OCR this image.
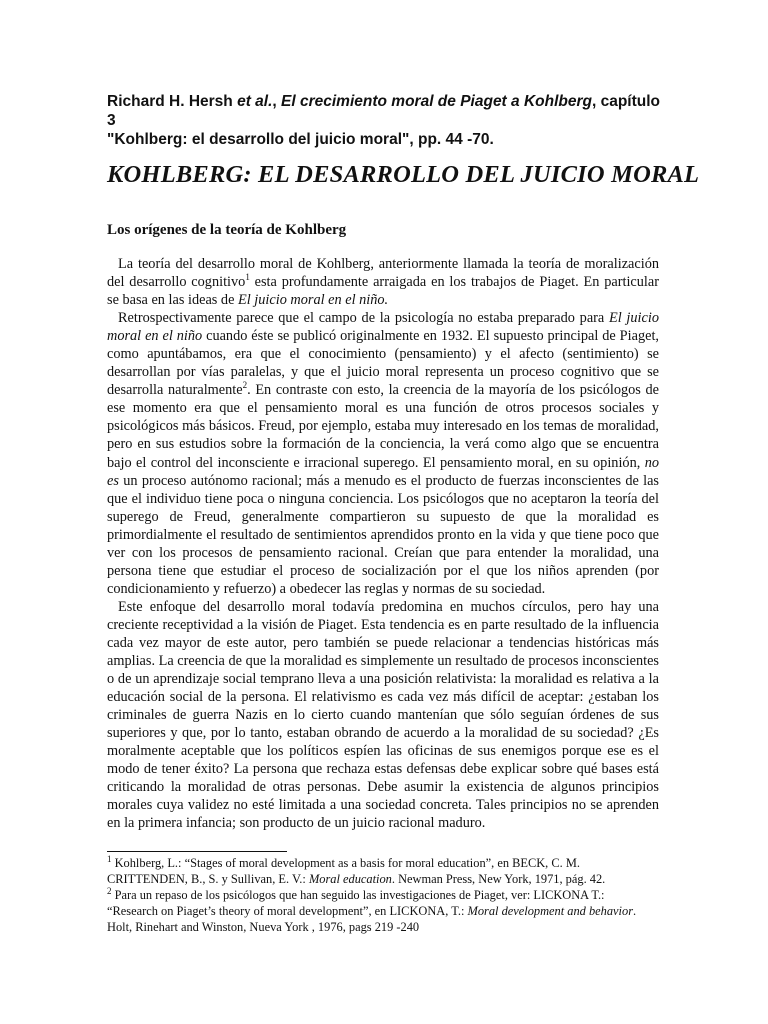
Richard H. Hersh et al., El crecimiento moral de Piaget a Kohlberg, capítulo 3
"Kohlberg: el desarrollo del juicio moral", pp. 44 -70.
KOHLBERG: EL DESARROLLO DEL JUICIO MORAL
Los orígenes de la teoría de Kohlberg

La teoría del desarrollo moral de Kohlberg, anteriormente llamada la teoría de moralización del desarrollo cognitivo$^1$ esta profundamente arraigada en los trabajos de Piaget. En particular se basa en las ideas de El juicio moral en el niño.

Retrospectivamente parece que el campo de la psicología no estaba preparado para El juicio moral en el niño cuando éste se publicó originalmente en 1932. El supuesto principal de Piaget, como apuntábamos, era que el conocimiento (pensamiento) y el afecto (sentimiento) se desarrollan por vías paralelas, y que el juicio moral representa un proceso cognitivo que se desarrolla naturalmente$^2$. En contraste con esto, la creencia de la mayoría de los psicólogos de ese momento era que el pensamiento moral es una función de otros procesos sociales y psicológicos más básicos. Freud, por ejemplo, estaba muy interesado en los temas de moralidad, pero en sus estudios sobre la formación de la conciencia, la verá como algo que se encuentra bajo el control del inconsciente e irracional superego. El pensamiento moral, en su opinión, no es un proceso autónomo racional; más a menudo es el producto de fuerzas inconscientes de las que el individuo tiene poca o ninguna conciencia. Los psicólogos que no aceptaron la teoría del superego de Freud, generalmente compartieron su supuesto de que la moralidad es primordialmente el resultado de sentimientos aprendidos pronto en la vida y que tiene poco que ver con los procesos de pensamiento racional. Creían que para entender la moralidad, una persona tiene que estudiar el proceso de socialización por el que los niños aprenden (por condicionamiento y refuerzo) a obedecer las reglas y normas de su sociedad.

Este enfoque del desarrollo moral todavía predomina en muchos círculos, pero hay una creciente receptividad a la visión de Piaget. Esta tendencia es en parte resultado de la influencia cada vez mayor de este autor, pero también se puede relacionar a tendencias históricas más amplias. La creencia de que la moralidad es simplemente un resultado de procesos inconscientes o de un aprendizaje social temprano lleva a una posición relativista: la moralidad es relativa a la educación social de la persona. El relativismo es cada vez más difícil de aceptar: ¿estaban los criminales de guerra Nazis en lo cierto cuando mantenían que sólo seguían órdenes de sus superiores y que, por lo tanto, estaban obrando de acuerdo a la moralidad de su sociedad? ¿Es moralmente aceptable que los políticos espíen las oficinas de sus enemigos porque ese es el modo de tener éxito? La persona que rechaza estas defensas debe explicar sobre qué bases está criticando la moralidad de otras personas. Debe asumir la existencia de algunos principios morales cuya validez no esté limitada a una sociedad concreta. Tales principios no se aprenden en la primera infancia; son producto de un juicio racional maduro.

$^1$ Kohlberg, L.: “Stages of moral development as a basis for moral education”, en BECK, C. M.
CRITTENDEN, B., S. y Sullivan, E. V.: Moral education. Newman Press, New York, 1971, pág. 42.
$^2$ Para un repaso de los psicólogos que han seguido las investigaciones de Piaget, ver: LICKONA T.:
“Research on Piaget’s theory of moral development”, en LICKONA, T.: Moral development and behavior.
Holt, Rinehart and Winston, Nueva York , 1976, pags 219 -240
